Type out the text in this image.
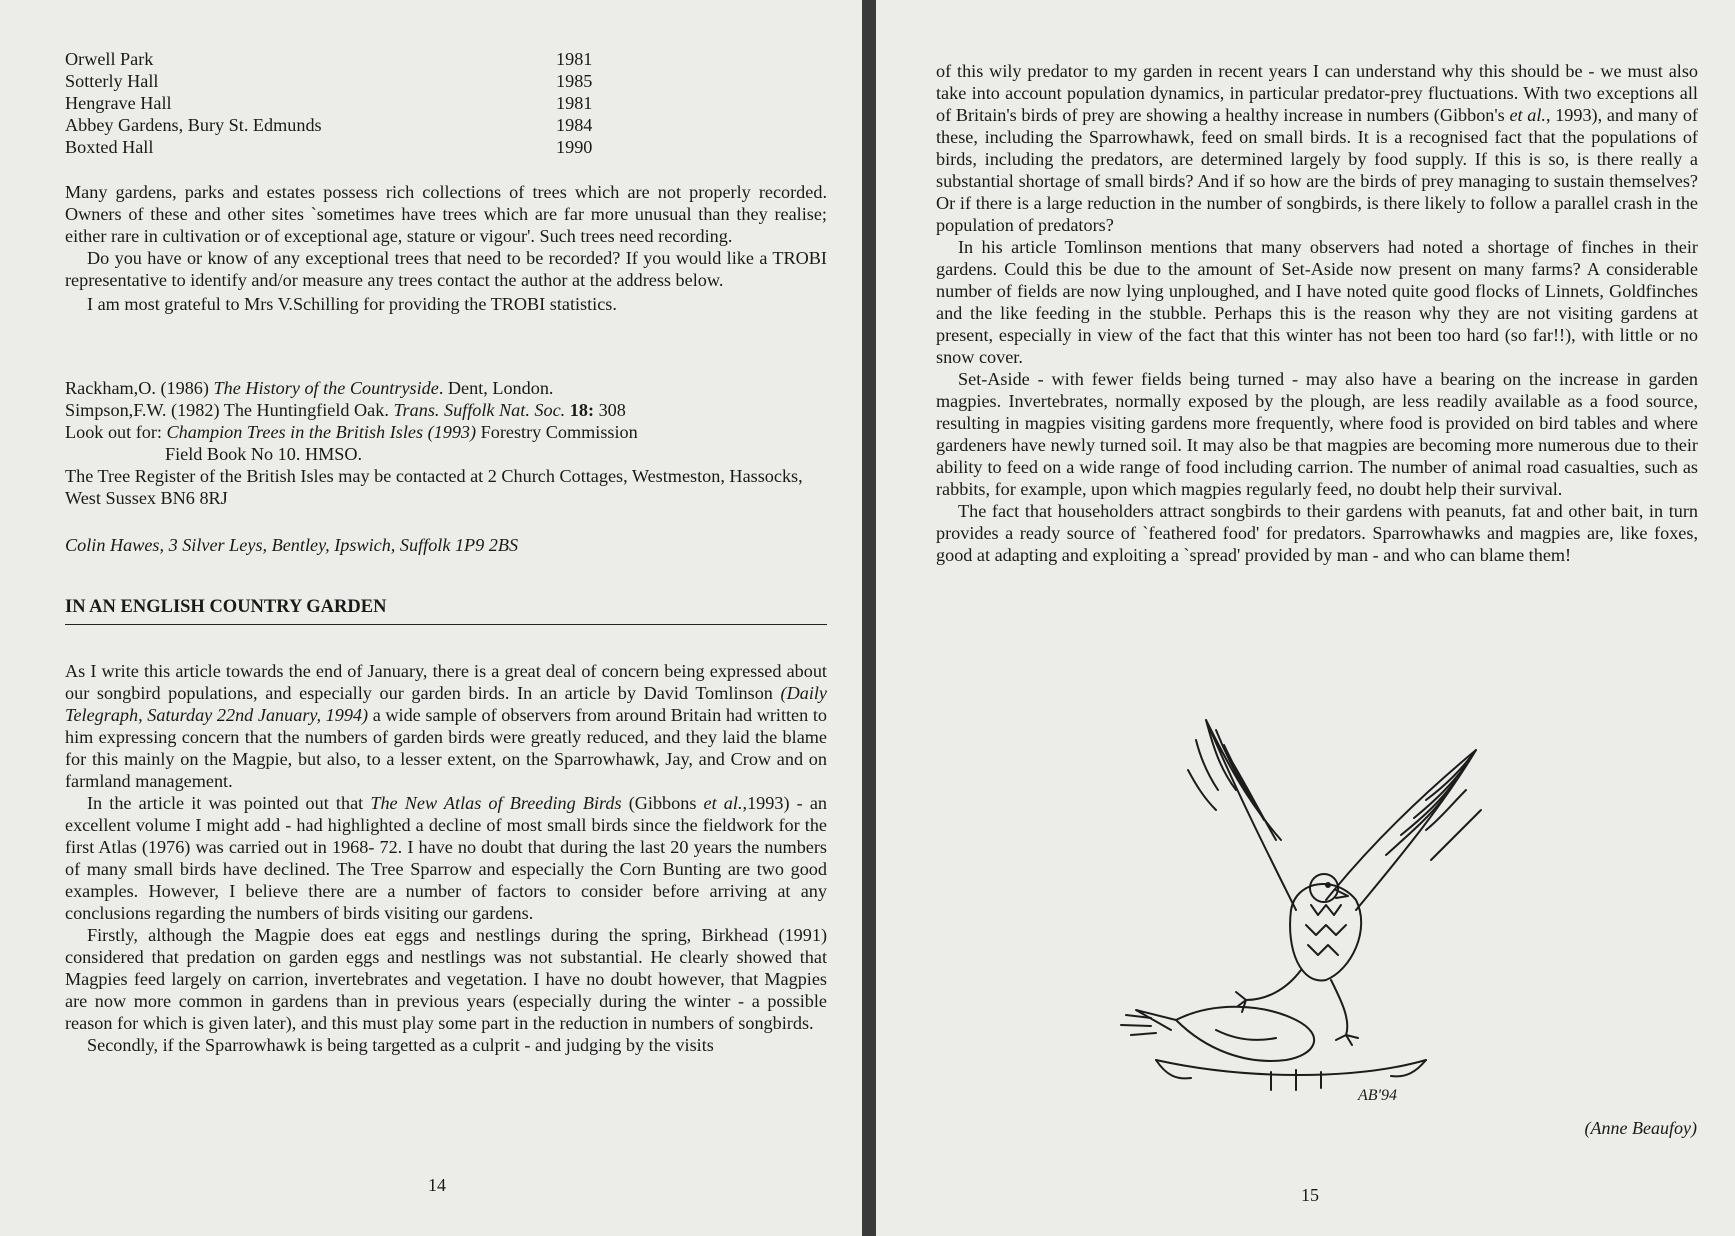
Orwell Park	1981
Sotterly Hall	1985
Hengrave Hall	1981
Abbey Gardens, Bury St. Edmunds	1984
Boxted Hall	1990

Many gardens, parks and estates possess rich collections of trees which are not properly recorded. Owners of these and other sites `sometimes have trees which are far more unusual than they realise; either rare in cultivation or of exceptional age, stature or vigour'. Such trees need recording.

Do you have or know of any exceptional trees that need to be recorded? If you would like a TROBI representative to identify and/or measure any trees contact the author at the address below.

I am most grateful to Mrs V.Schilling for providing the TROBI statistics.

Rackham,O. (1986) The History of the Countryside. Dent, London.

Simpson,F.W. (1982) The Huntingfield Oak. Trans. Suffolk Nat. Soc. 18: 308

Look out for: Champion Trees in the British Isles (1993) Forestry Commission

Field Book No 10. HMSO.

The Tree Register of the British Isles may be contacted at 2 Church Cottages, Westmeston, Hassocks, West Sussex BN6 8RJ

Colin Hawes, 3 Silver Leys, Bentley, Ipswich, Suffolk 1P9 2BS
IN AN ENGLISH COUNTRY GARDEN

As I write this article towards the end of January, there is a great deal of concern being expressed about our songbird populations, and especially our garden birds. In an article by David Tomlinson (Daily Telegraph, Saturday 22nd January, 1994) a wide sample of observers from around Britain had written to him expressing concern that the numbers of garden birds were greatly reduced, and they laid the blame for this mainly on the Magpie, but also, to a lesser extent, on the Sparrowhawk, Jay, and Crow and on farmland management.

In the article it was pointed out that The New Atlas of Breeding Birds (Gibbons et al.,1993) - an excellent volume I might add - had highlighted a decline of most small birds since the fieldwork for the first Atlas (1976) was carried out in 1968- 72. I have no doubt that during the last 20 years the numbers of many small birds have declined. The Tree Sparrow and especially the Corn Bunting are two good examples. However, I believe there are a number of factors to consider before arriving at any conclusions regarding the numbers of birds visiting our gardens.

Firstly, although the Magpie does eat eggs and nestlings during the spring, Birkhead (1991) considered that predation on garden eggs and nestlings was not substantial. He clearly showed that Magpies feed largely on carrion, invertebrates and vegetation. I have no doubt however, that Magpies are now more common in gardens than in previous years (especially during the winter - a possible reason for which is given later), and this must play some part in the reduction in numbers of songbirds.

Secondly, if the Sparrowhawk is being targetted as a culprit - and judging by the visits

14

of this wily predator to my garden in recent years I can understand why this should be - we must also take into account population dynamics, in particular predator-prey fluctuations. With two exceptions all of Britain's birds of prey are showing a healthy increase in numbers (Gibbon's et al., 1993), and many of these, including the Sparrowhawk, feed on small birds. It is a recognised fact that the populations of birds, including the predators, are determined largely by food supply. If this is so, is there really a substantial shortage of small birds? And if so how are the birds of prey managing to sustain themselves? Or if there is a large reduction in the number of songbirds, is there likely to follow a parallel crash in the population of predators?

In his article Tomlinson mentions that many observers had noted a shortage of finches in their gardens. Could this be due to the amount of Set-Aside now present on many farms? A considerable number of fields are now lying unploughed, and I have noted quite good flocks of Linnets, Goldfinches and the like feeding in the stubble. Perhaps this is the reason why they are not visiting gardens at present, especially in view of the fact that this winter has not been too hard (so far!!), with little or no snow cover.

Set-Aside - with fewer fields being turned - may also have a bearing on the increase in garden magpies. Invertebrates, normally exposed by the plough, are less readily available as a food source, resulting in magpies visiting gardens more frequently, where food is provided on bird tables and where gardeners have newly turned soil. It may also be that magpies are becoming more numerous due to their ability to feed on a wide range of food including carrion. The number of animal road casualties, such as rabbits, for example, upon which magpies regularly feed, no doubt help their survival.

The fact that householders attract songbirds to their gardens with peanuts, fat and other bait, in turn provides a ready source of `feathered food' for predators. Sparrowhawks and magpies are, like foxes, good at adapting and exploiting a `spread' provided by man - and who can blame them!

AB'94
(Anne Beaufoy)
15
